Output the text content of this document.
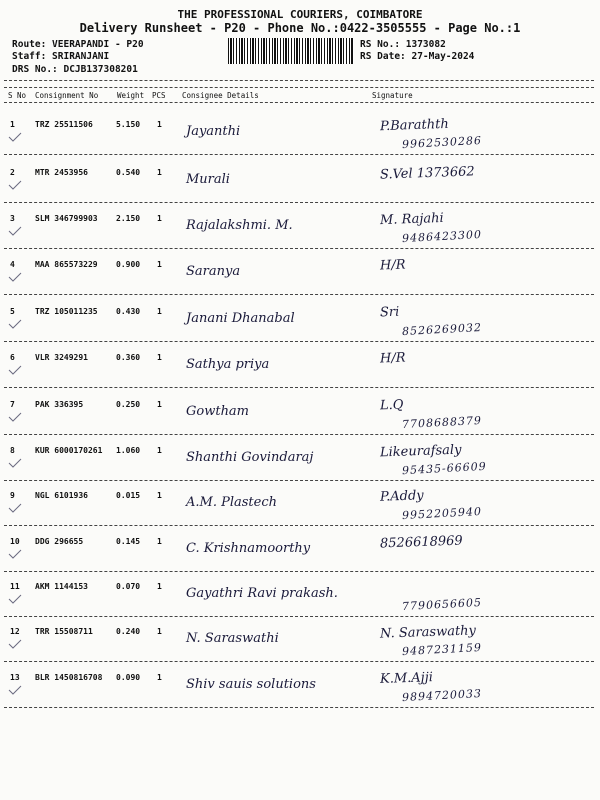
THE PROFESSIONAL COURIERS, COIMBATORE
Delivery Runsheet - P20 - Phone No.:0422-3505555 - Page No.:1
Route: VEERAPANDI - P20
Staff: SRIRANJANI
DRS No.: DCJB137308201
RS No.: 1373082
RS Date: 27-May-2024
S No Consignment No	Weight PCS Consignee Details	Signature
1	TRZ 25511506	5.150 1 Jayanthi	P.Barathth
9962530286
2	MTR 2453956	0.540 1 Murali	S.Vel 1373662
3	SLM 346799903 2.150 1 Rajalakshmi. M.	M. Rajahi
9486423300
4	MAA 865573229 0.900 1 Saranya	H/R
5	TRZ 105011235 0.430 1 Janani Dhanabal	Sri
8526269032
6	VLR 3249291	0.360 1 Sathya priya	H/R
7	PAK 336395	0.250 1 Gowtham	L.Q
7708688379
8	KUR 6000170261 1.060 1 Shanthi Govindaraj	Likeurafsaly
95435-66609
9	NGL 6101936	0.015 1 A.M. Plastech	P.Addy
9952205940
10 DDG 296655	0.145 1 C. Krishnamoorthy	8526618969
11 AKM 1144153	0.070 1 Gayathri Ravi prakash.
7790656605
12 TRR 15508711	0.240 1 N. Saraswathi	N. Saraswathy
9487231159
13 BLR 1450816708 0.090 1 Shiv sauis solutions	K.M.Ajji
9894720033
